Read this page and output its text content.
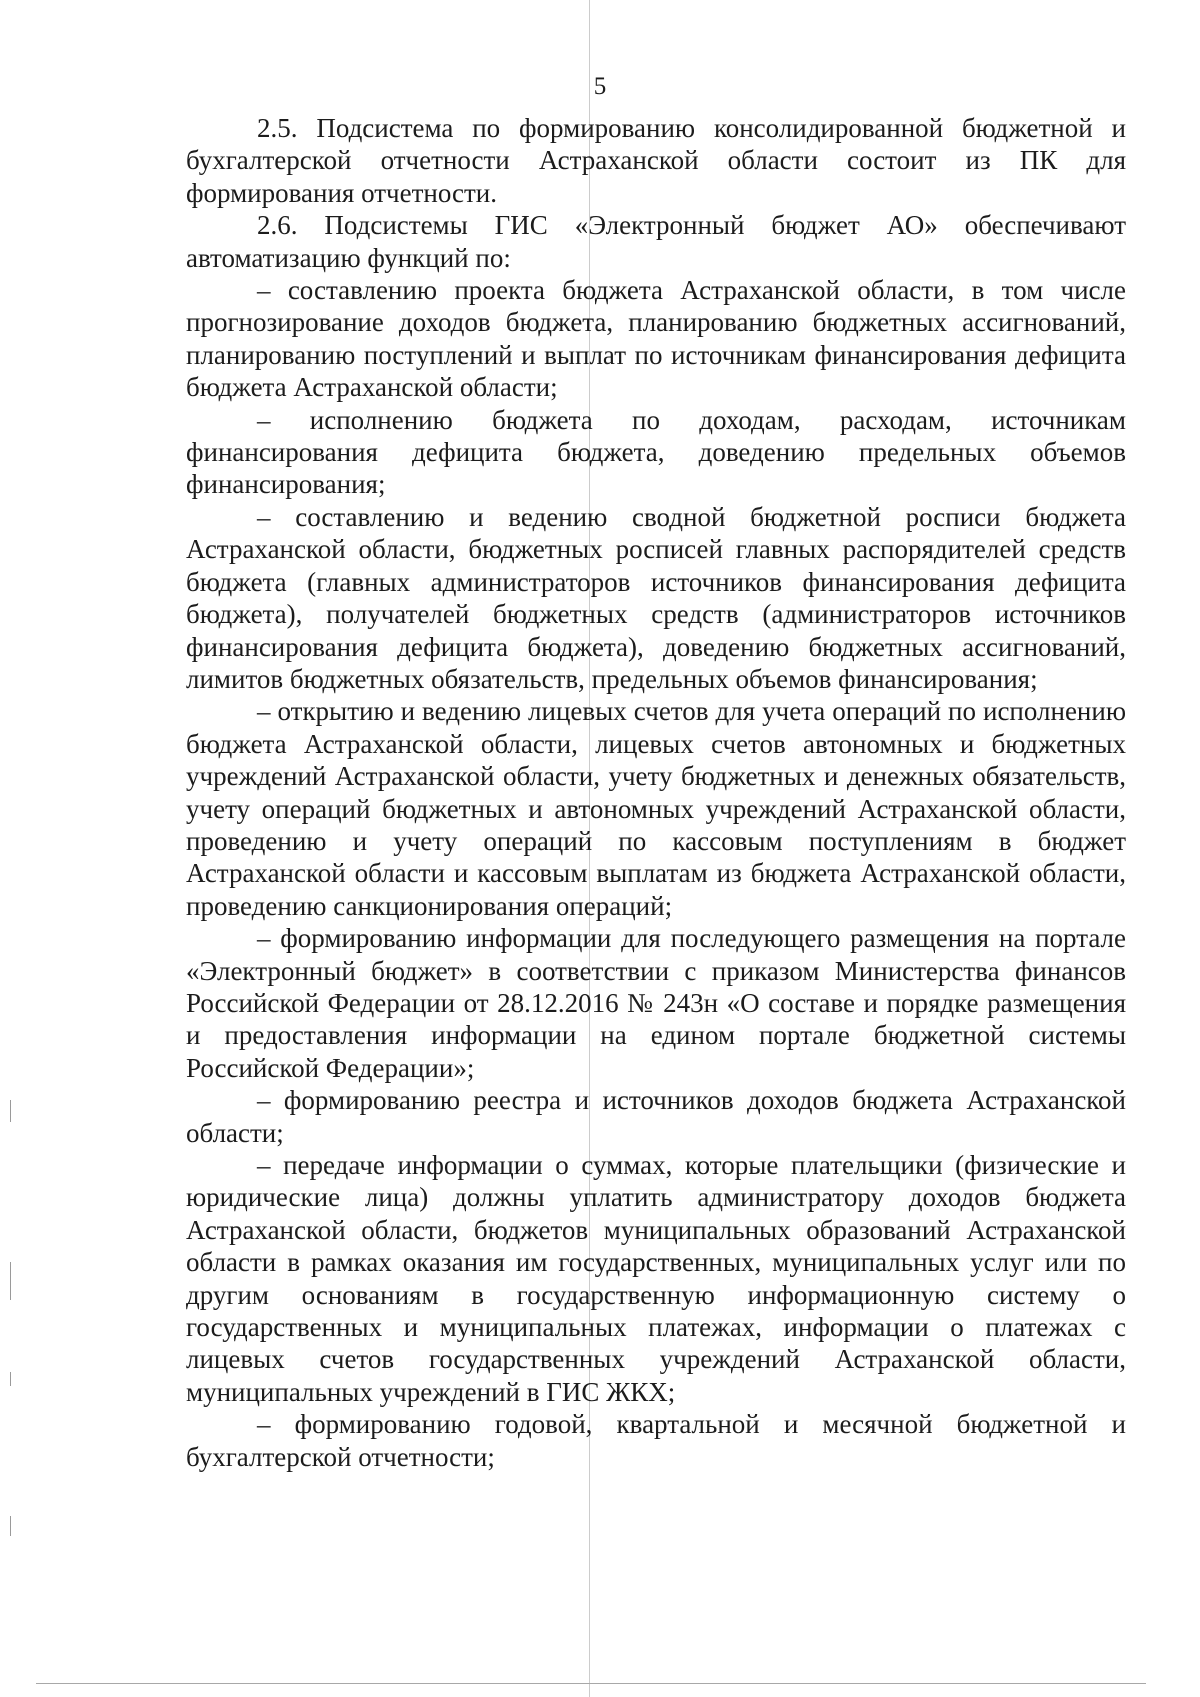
5

2.5. Подсистема по формированию консолидированной бюджетной и бухгалтерской отчетности Астраханской области состоит из ПК для формирования отчетности.

2.6. Подсистемы ГИС «Электронный бюджет АО» обеспечивают автоматизацию функций по:

– составлению проекта бюджета Астраханской области, в том числе прогнозирование доходов бюджета, планированию бюджетных ассигнований, планированию поступлений и выплат по источникам финансирования дефицита бюджета Астраханской области;

– исполнению бюджета по доходам, расходам, источникам финансирования дефицита бюджета, доведению предельных объемов финансирования;

– составлению и ведению сводной бюджетной росписи бюджета Астраханской области, бюджетных росписей главных распорядителей средств бюджета (главных администраторов источников финансирования дефицита бюджета), получателей бюджетных средств (администраторов источников финансирования дефицита бюджета), доведению бюджетных ассигнований, лимитов бюджетных обязательств, предельных объемов финансирования;

– открытию и ведению лицевых счетов для учета операций по исполнению бюджета Астраханской области, лицевых счетов автономных и бюджетных учреждений Астраханской области, учету бюджетных и денежных обязательств, учету операций бюджетных и автономных учреждений Астраханской области, проведению и учету операций по кассовым поступлениям в бюджет Астраханской области и кассовым выплатам из бюджета Астраханской области, проведению санкционирования операций;

– формированию информации для последующего размещения на портале «Электронный бюджет» в соответствии с приказом Министерства финансов Российской Федерации от 28.12.2016 № 243н «О составе и порядке размещения и предоставления информации на едином портале бюджетной системы Российской Федерации»;

– формированию реестра и источников доходов бюджета Астраханской области;

– передаче информации о суммах, которые плательщики (физические и юридические лица) должны уплатить администратору доходов бюджета Астраханской области, бюджетов муниципальных образований Астраханской области в рамках оказания им государственных, муниципальных услуг или по другим основаниям в государственную информационную систему о государственных и муниципальных платежах, информации о платежах с лицевых счетов государственных учреждений Астраханской области, муниципальных учреждений в ГИС ЖКХ;

– формированию годовой, квартальной и месячной бюджетной и бухгалтерской отчетности;
